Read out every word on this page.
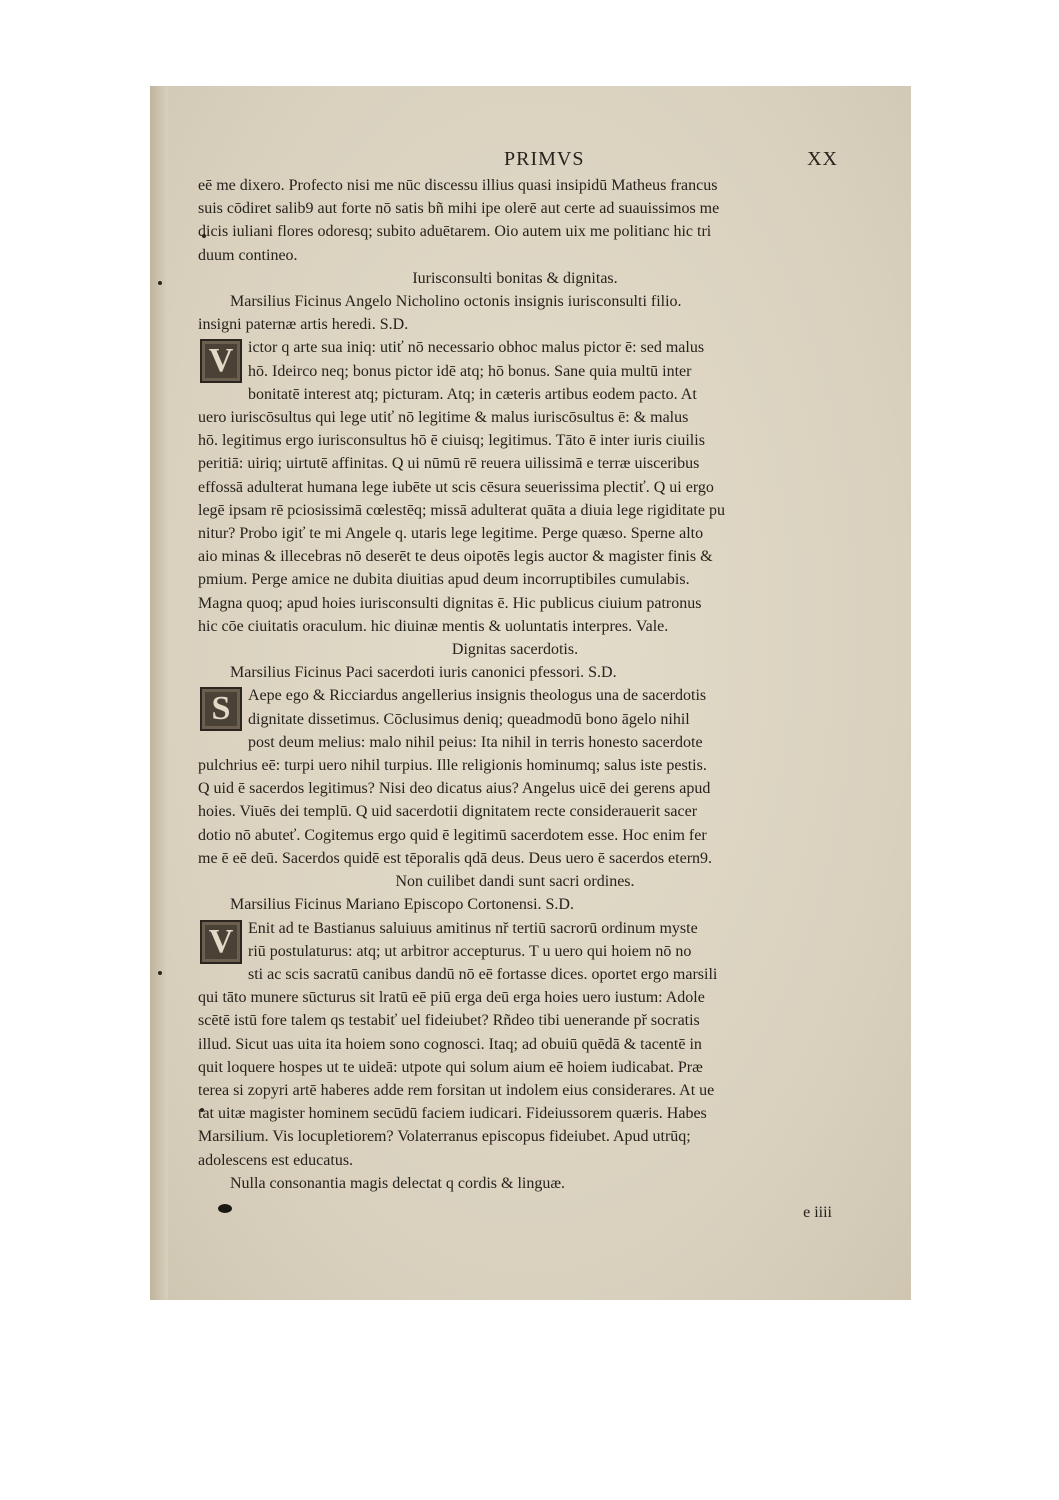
PRIMVS	XX
eē me dixero. Profecto nisi me nūc discessu illius quasi insipidū Matheus francus
suis cōdiret salib9 aut forte nō satis bñ mihi ipe olerē aut certe ad suauissimos me
dicis iuliani flores odoresq; subito aduētarem. Oio autem uix me politianc hic tri
duum contineo.
Iurisconsulti bonitas & dignitas.
Marsilius Ficinus Angelo Nicholino octonis insignis iurisconsulti filio.
insigni paternæ artis heredi. S.D.
V ictor q arte sua iniq: utiť nō necessario obhoc malus pictor ē: sed malus
hō. Ideirco neq; bonus pictor idē atq; hō bonus. Sane quia multū inter
bonitatē interest atq; picturam. Atq; in cæteris artibus eodem pacto. At
uero iuriscōsultus qui lege utiť nō legitime & malus iuriscōsultus ē: & malus
hō. legitimus ergo iurisconsultus hō ē ciuisq; legitimus. Tāto ē inter iuris ciuilis
peritiā: uiriq; uirtutē affinitas. Q ui nūmū rē reuera uilissimā e terræ uisceribus
effossā adulterat humana lege iubēte ut scis cēsura seuerissima plectiť. Q ui ergo
legē ipsam rē pciosissimā cœlestēq; missā adulterat quāta a diuia lege rigiditate pu
nitur? Probo igiť te mi Angele q. utaris lege legitime. Perge quæso. Sperne alto
aio minas & illecebras nō deserēt te deus oipotēs legis auctor & magister finis &
pmium. Perge amice ne dubita diuitias apud deum incorruptibiles cumulabis.
Magna quoq; apud hoies iurisconsulti dignitas ē. Hic publicus ciuium patronus
hic cōe ciuitatis oraculum. hic diuinæ mentis & uoluntatis interpres. Vale.
Dignitas sacerdotis.
Marsilius Ficinus Paci sacerdoti iuris canonici pfessori. S.D.
S	Aepe ego & Ricciardus angellerius insignis theologus una de sacerdotis
dignitate dissetimus. Cōclusimus deniq; queadmodū bono āgelo nihil
post deum melius: malo nihil peius: Ita nihil in terris honesto sacerdote
pulchrius eē: turpi uero nihil turpius. Ille religionis hominumq; salus iste pestis.
Q uid ē sacerdos legitimus? Nisi deo dicatus aius? Angelus uicē dei gerens apud
hoies. Viuēs dei templū. Q uid sacerdotii dignitatem recte considerauerit sacer
dotio nō abuteť. Cogitemus ergo quid ē legitimū sacerdotem esse. Hoc enim fer
me ē eē deū. Sacerdos quidē est tēporalis qdā deus. Deus uero ē sacerdos etern9.
Non cuilibet dandi sunt sacri ordines.
Marsilius Ficinus Mariano Episcopo Cortonensi. S.D.
V Enit ad te Bastianus saluiuus amitinus nř tertiū sacrorū ordinum myste
riū postulaturus: atq; ut arbitror accepturus. T u uero qui hoiem nō no
sti ac scis sacratū canibus dandū nō eē fortasse dices. oportet ergo marsili
qui tāto munere sūcturus sit lratū eē piū erga deū erga hoies uero iustum: Adole
scētē istū fore talem qs testabiť uel fideiubet? Rñdeo tibi uenerande př socratis
illud. Sicut uas uita ita hoiem sono cognosci. Itaq; ad obuiū quēdā & tacentē in
quit loquere hospes ut te uideā: utpote qui solum aium eē hoiem iudicabat. Præ
terea si zopyri artē haberes adde rem forsitan ut indolem eius considerares. At ue
tat uitæ magister hominem secūdū faciem iudicari. Fideiussorem quæris. Habes
Marsilium. Vis locupletiorem? Volaterranus episcopus fideiubet. Apud utrūq;
adolescens est educatus.
Nulla consonantia magis delectat q cordis & linguæ.
e iiii
